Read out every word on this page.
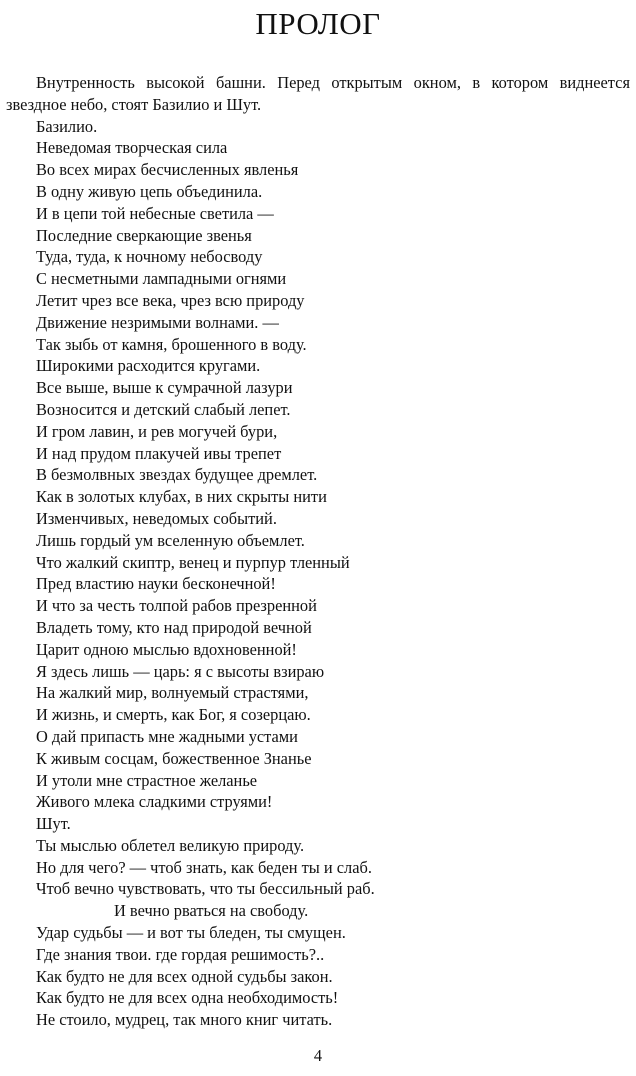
ПРОЛОГ

Внутренность высокой башни. Перед открытым окном, в котором виднеется звездное небо, стоят Базилио и Шут.

Базилио.

Неведомая творческая сила

Во всех мирах бесчисленных явленья

В одну живую цепь объединила.

И в цепи той небесные светила —

Последние сверкающие звенья

Туда, туда, к ночному небосводу

С несметными лампадными огнями

Летит чрез все века, чрез всю природу

Движение незримыми волнами. —

Так зыбь от камня, брошенного в воду.

Широкими расходится кругами.

Все выше, выше к сумрачной лазури

Возносится и детский слабый лепет.

И гром лавин, и рев могучей бури,

И над прудом плакучей ивы трепет

В безмолвных звездах будущее дремлет.

Как в золотых клубах, в них скрыты нити

Изменчивых, неведомых событий.

Лишь гордый ум вселенную объемлет.

Что жалкий скиптр, венец и пурпур тленный

Пред властию науки бесконечной!

И что за честь толпой рабов презренной

Владеть тому, кто над природой вечной

Царит одною мыслью вдохновенной!

Я здесь лишь — царь: я с высоты взираю

На жалкий мир, волнуемый страстями,

И жизнь, и смерть, как Бог, я созерцаю.

О дай припасть мне жадными устами

К живым сосцам, божественное Знанье

И утоли мне страстное желанье

Живого млека сладкими струями!

Шут.

Ты мыслью облетел великую природу.

Но для чего? — чтоб знать, как беден ты и слаб.

Чтоб вечно чувствовать, что ты бессильный раб.

И вечно рваться на свободу.

Удар судьбы — и вот ты бледен, ты смущен.

Где знания твои. где гордая решимость?..

Как будто не для всех одной судьбы закон.

Как будто не для всех одна необходимость!

Не стоило, мудрец, так много книг читать.

4
